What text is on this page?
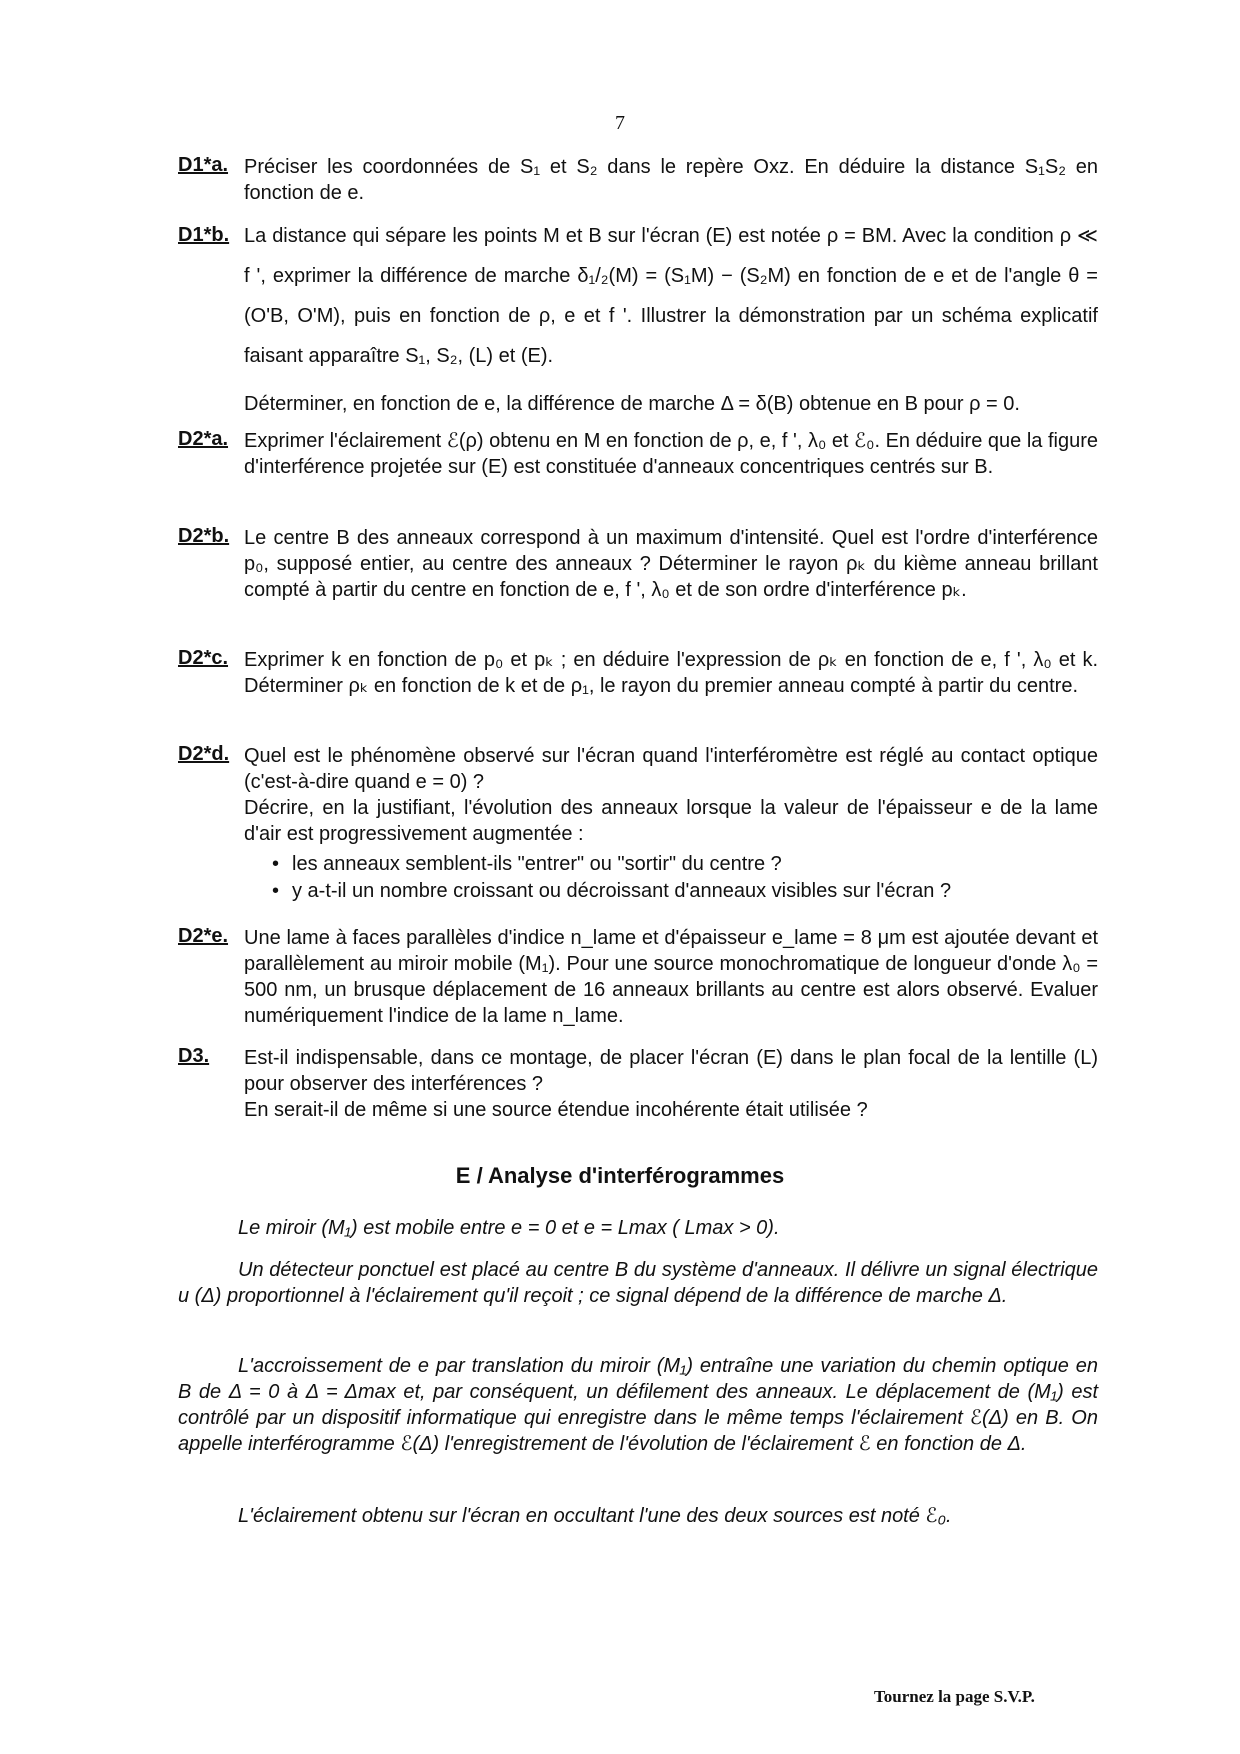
7
D1*a. Préciser les coordonnées de S₁ et S₂ dans le repère Oxz. En déduire la distance S₁S₂ en fonction de e.

D1*b. La distance qui sépare les points M et B sur l'écran (E) est notée ρ = BM. Avec la condition ρ ≪ f ', exprimer la différence de marche δ₁/₂(M) = (S₁M) − (S₂M) en fonction de e et de l'angle θ = (O'B, O'M), puis en fonction de ρ, e et f '. Illustrer la démonstration par un schéma explicatif faisant apparaître S₁, S₂, (L) et (E).

Déterminer, en fonction de e, la différence de marche Δ = δ(B) obtenue en B pour ρ = 0.

D2*a. Exprimer l'éclairement ℰ(ρ) obtenu en M en fonction de ρ, e, f ', λ₀ et ℰ₀. En déduire que la figure d'interférence projetée sur (E) est constituée d'anneaux concentriques centrés sur B.

D2*b. Le centre B des anneaux correspond à un maximum d'intensité. Quel est l'ordre d'interférence p₀, supposé entier, au centre des anneaux ? Déterminer le rayon ρₖ du kième anneau brillant compté à partir du centre en fonction de e, f ', λ₀ et de son ordre d'interférence pₖ.

D2*c. Exprimer k en fonction de p₀ et pₖ ; en déduire l'expression de ρₖ en fonction de e, f ', λ₀ et k. Déterminer ρₖ en fonction de k et de ρ₁, le rayon du premier anneau compté à partir du centre.

D2*d. Quel est le phénomène observé sur l'écran quand l'interféromètre est réglé au contact optique (c'est-à-dire quand e = 0) ?

Décrire, en la justifiant, l'évolution des anneaux lorsque la valeur de l'épaisseur e de la lame d'air est progressivement augmentée :

• les anneaux semblent-ils "entrer" ou "sortir" du centre ?
• y a-t-il un nombre croissant ou décroissant d'anneaux visibles sur l'écran ?
D2*e. Une lame à faces parallèles d'indice n_lame et d'épaisseur e_lame = 8 μm est ajoutée devant et parallèlement au miroir mobile (M₁). Pour une source monochromatique de longueur d'onde λ₀ = 500 nm, un brusque déplacement de 16 anneaux brillants au centre est alors observé. Evaluer numériquement l'indice de la lame n_lame.

D3. Est-il indispensable, dans ce montage, de placer l'écran (E) dans le plan focal de la lentille (L) pour observer des interférences ?

En serait-il de même si une source étendue incohérente était utilisée ?

E / Analyse d'interférogrammes
Le miroir (M₁) est mobile entre e = 0 et e = Lmax ( Lmax > 0).
Un détecteur ponctuel est placé au centre B du système d'anneaux. Il délivre un signal électrique u (Δ) proportionnel à l'éclairement qu'il reçoit ; ce signal dépend de la différence de marche Δ.
L'accroissement de e par translation du miroir (M₁) entraîne une variation du chemin optique en B de Δ = 0 à Δ = Δmax et, par conséquent, un défilement des anneaux. Le déplacement de (M₁) est contrôlé par un dispositif informatique qui enregistre dans le même temps l'éclairement ℰ(Δ) en B. On appelle interférogramme ℰ(Δ) l'enregistrement de l'évolution de l'éclairement ℰ en fonction de Δ.
L'éclairement obtenu sur l'écran en occultant l'une des deux sources est noté ℰ₀.
Tournez la page S.V.P.
